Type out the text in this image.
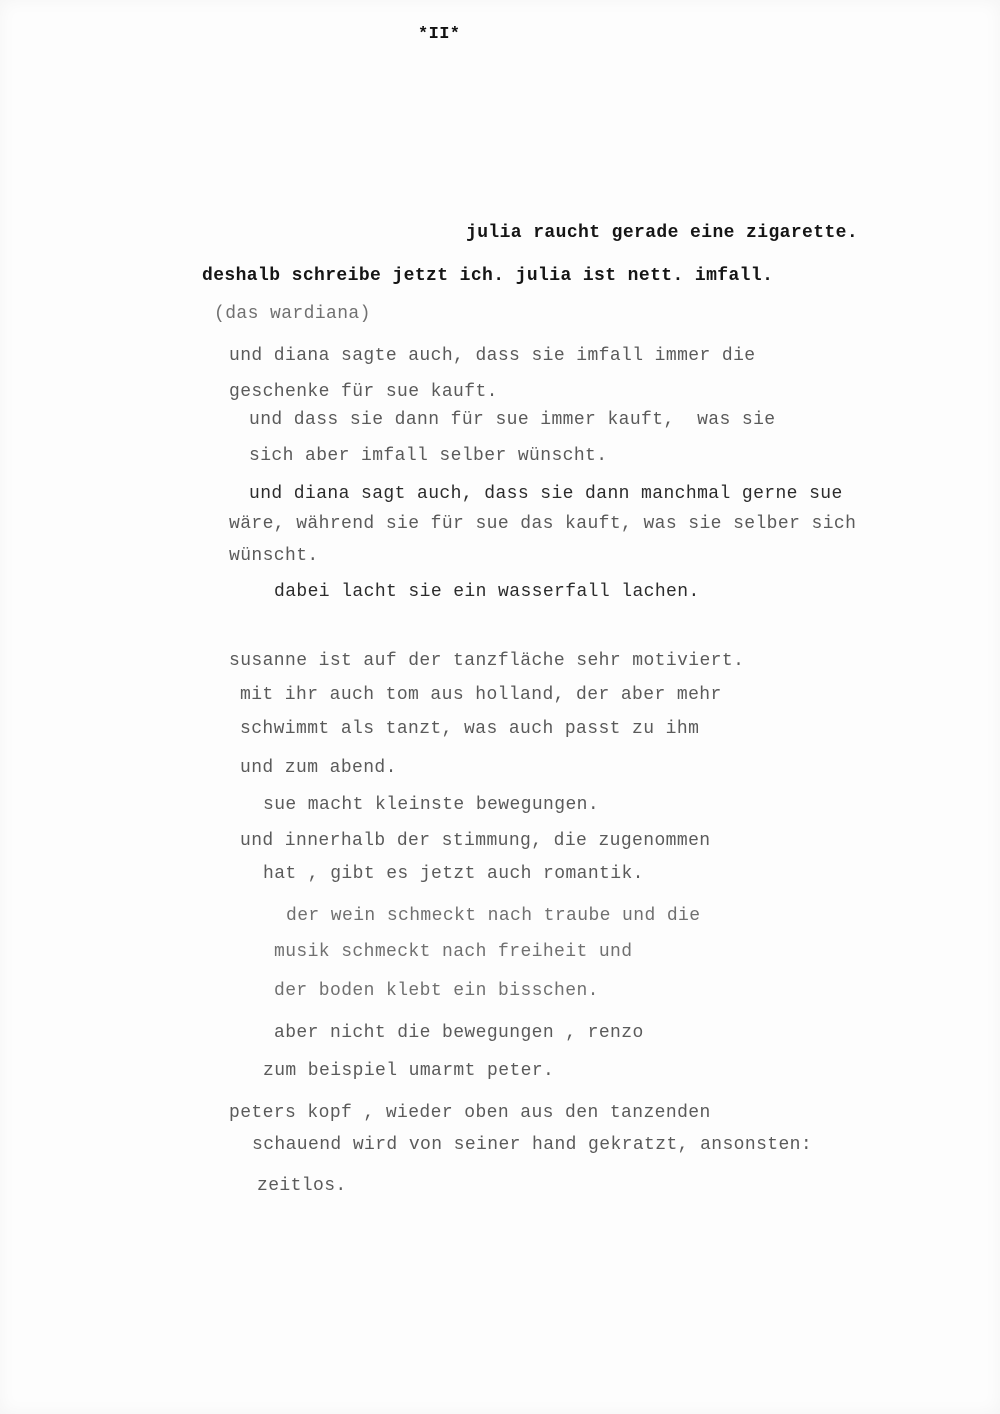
*II*
julia raucht gerade eine zigarette.
deshalb schreibe jetzt ich. julia ist nett. imfall.
(das wardiana)
und diana sagte auch, dass sie imfall immer die
geschenke für sue kauft.
und dass sie dann für sue immer kauft,  was sie
sich aber imfall selber wünscht.
und diana sagt auch, dass sie dann manchmal gerne sue
wäre, während sie für sue das kauft, was sie selber sich
wünscht.
dabei lacht sie ein wasserfall lachen.
susanne ist auf der tanzfläche sehr motiviert.
mit ihr auch tom aus holland, der aber mehr
schwimmt als tanzt, was auch passt zu ihm
und zum abend.
sue macht kleinste bewegungen.
und innerhalb der stimmung, die zugenommen
hat , gibt es jetzt auch romantik.
der wein schmeckt nach traube und die
musik schmeckt nach freiheit und
der boden klebt ein bisschen.
aber nicht die bewegungen , renzo
zum beispiel umarmt peter.
peters kopf , wieder oben aus den tanzenden
schauend wird von seiner hand gekratzt, ansonsten:
zeitlos.
